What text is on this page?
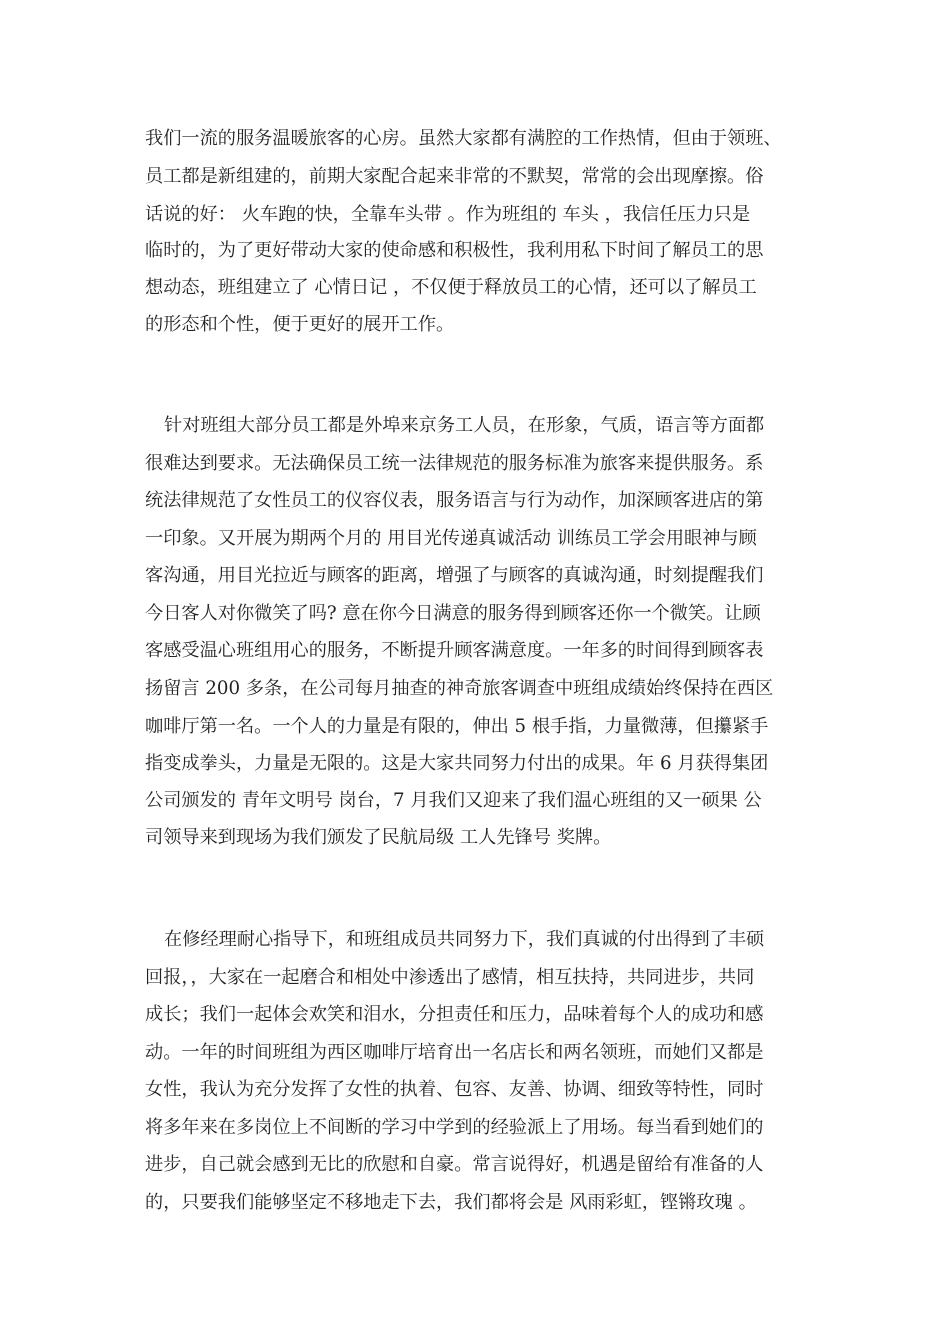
我们一流的服务温暖旅客的心房。虽然大家都有满腔的工作热情，但由于领班、
员工都是新组建的，前期大家配合起来非常的不默契，常常的会出现摩擦。俗
话说的好： 火车跑的快，全靠车头带 。作为班组的 车头 ，我信任压力只是
临时的，为了更好带动大家的使命感和积极性，我利用私下时间了解员工的思
想动态，班组建立了 心情日记 ，不仅便于释放员工的心情，还可以了解员工
的形态和个性，便于更好的展开工作。
针对班组大部分员工都是外埠来京务工人员，在形象，气质，语言等方面都
很难达到要求。无法确保员工统一法律规范的服务标准为旅客来提供服务。系
统法律规范了女性员工的仪容仪表，服务语言与行为动作，加深顾客进店的第
一印象。又开展为期两个月的 用目光传递真诚活动 训练员工学会用眼神与顾
客沟通，用目光拉近与顾客的距离，增强了与顾客的真诚沟通，时刻提醒我们
今日客人对你微笑了吗? 意在你今日满意的服务得到顾客还你一个微笑。让顾
客感受温心班组用心的服务，不断提升顾客满意度。一年多的时间得到顾客表
扬留言 200 多条，在公司每月抽查的神奇旅客调查中班组成绩始终保持在西区
咖啡厅第一名。一个人的力量是有限的，伸出 5 根手指，力量微薄，但攥紧手
指变成拳头，力量是无限的。这是大家共同努力付出的成果。年 6 月获得集团
公司颁发的 青年文明号 岗台，7 月我们又迎来了我们温心班组的又一硕果 公
司领导来到现场为我们颁发了民航局级 工人先锋号 奖牌。
在修经理耐心指导下，和班组成员共同努力下，我们真诚的付出得到了丰硕
回报，，大家在一起磨合和相处中渗透出了感情，相互扶持，共同进步，共同
成长；我们一起体会欢笑和泪水，分担责任和压力，品味着每个人的成功和感
动。一年的时间班组为西区咖啡厅培育出一名店长和两名领班，而她们又都是
女性，我认为充分发挥了女性的执着、包容、友善、协调、细致等特性，同时
将多年来在多岗位上不间断的学习中学到的经验派上了用场。每当看到她们的
进步，自己就会感到无比的欣慰和自豪。常言说得好，机遇是留给有准备的人
的，只要我们能够坚定不移地走下去，我们都将会是 风雨彩虹，铿锵玫瑰 。
